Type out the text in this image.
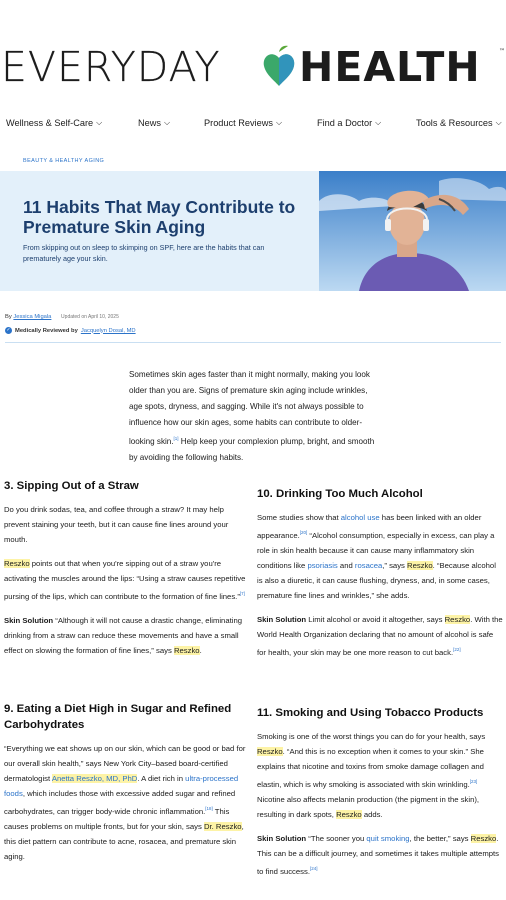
EVERYDAY HEALTH	™
Wellness & Self-Care ⌵	News ⌵	Product Reviews ⌵	Find a Doctor ⌵	Tools & Resources ⌵
BEAUTY & HEALTHY AGING
11 Habits That May Contribute to Premature Skin Aging
From skipping out on sleep to skimping on SPF, here are the habits that can prematurely age your skin.
By Jessica Migala Updated on April 10, 2025
✓ Medically Reviewed by Jacquelyn Dosal, MD
Sometimes skin ages faster than it might normally, making you look older than you are. Signs of premature skin aging include wrinkles, age spots, dryness, and sagging. While it's not always possible to influence how our skin ages, some habits can contribute to older-looking skin.[1] Help keep your complexion plump, bright, and smooth by avoiding the following habits.
3. Sipping Out of a Straw

Do you drink sodas, tea, and coffee through a straw? It may help prevent staining your teeth, but it can cause fine lines around your mouth.

Reszko points out that when you're sipping out of a straw you're activating the muscles around the lips: “Using a straw causes repetitive pursing of the lips, which can contribute to the formation of fine lines.”[7]

Skin Solution “Although it will not cause a drastic change, eliminating drinking from a straw can reduce these movements and have a small effect on slowing the formation of fine lines,” says Reszko.

9. Eating a Diet High in Sugar and Refined Carbohydrates

“Everything we eat shows up on our skin, which can be good or bad for our overall skin health,” says New York City–based board-certified dermatologist Anetta Reszko, MD, PhD. A diet rich in ultra-processed foods, which includes those with excessive added sugar and refined carbohydrates, can trigger body-wide chronic inflammation.[18] This causes problems on multiple fronts, but for your skin, says Dr. Reszko, this diet pattern can contribute to acne, rosacea, and premature skin aging.

10. Drinking Too Much Alcohol

Some studies show that alcohol use has been linked with an older appearance.[20] “Alcohol consumption, especially in excess, can play a role in skin health because it can cause many inflammatory skin conditions like psoriasis and rosacea,” says Reszko. “Because alcohol is also a diuretic, it can cause flushing, dryness, and, in some cases, premature fine lines and wrinkles,” she adds.

Skin Solution Limit alcohol or avoid it altogether, says Reszko. With the World Health Organization declaring that no amount of alcohol is safe for health, your skin may be one more reason to cut back.[22]

11. Smoking and Using Tobacco Products

Smoking is one of the worst things you can do for your health, says Reszko. “And this is no exception when it comes to your skin.” She explains that nicotine and toxins from smoke damage collagen and elastin, which is why smoking is associated with skin wrinkling.[23] Nicotine also affects melanin production (the pigment in the skin), resulting in dark spots, Reszko adds.

Skin Solution “The sooner you quit smoking, the better,” says Reszko. This can be a difficult journey, and sometimes it takes multiple attempts to find success.[24]
